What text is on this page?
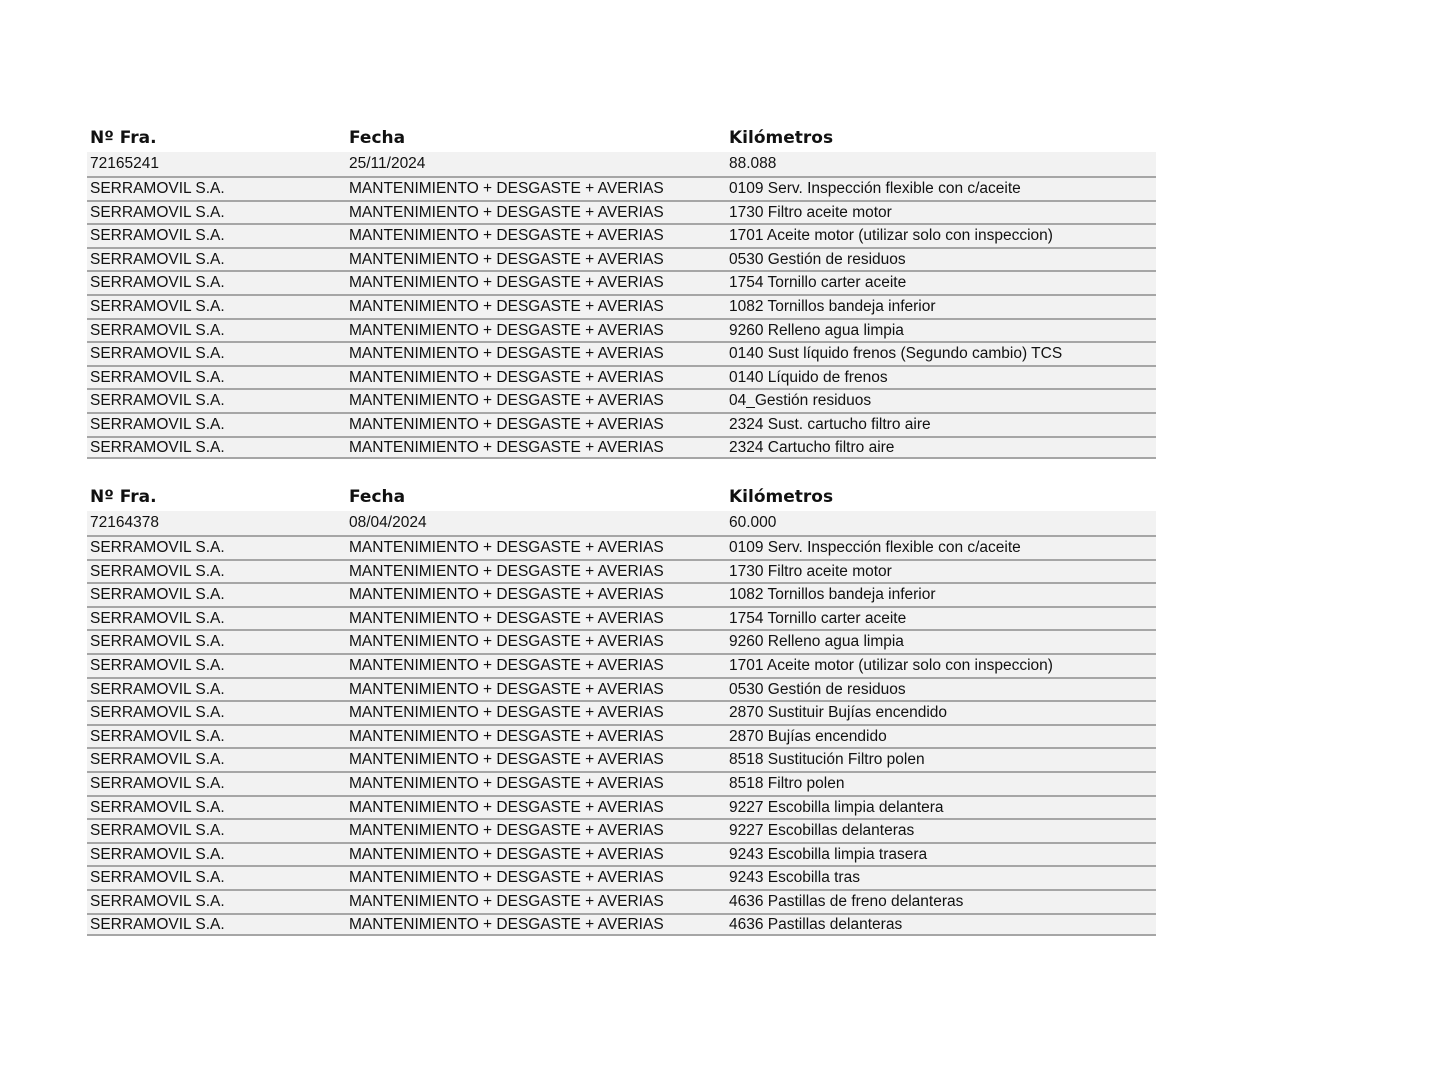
Nº Fra.	Fecha	Kilómetros
72165241	25/11/2024	88.088
SERRAMOVIL S.A.	MANTENIMIENTO + DESGASTE + AVERIAS	0109 Serv. Inspección flexible con c/aceite
SERRAMOVIL S.A.	MANTENIMIENTO + DESGASTE + AVERIAS	1730 Filtro aceite motor
SERRAMOVIL S.A.	MANTENIMIENTO + DESGASTE + AVERIAS	1701 Aceite motor (utilizar solo con inspeccion)
SERRAMOVIL S.A.	MANTENIMIENTO + DESGASTE + AVERIAS	0530 Gestión de residuos
SERRAMOVIL S.A.	MANTENIMIENTO + DESGASTE + AVERIAS	1754 Tornillo carter aceite
SERRAMOVIL S.A.	MANTENIMIENTO + DESGASTE + AVERIAS	1082 Tornillos bandeja inferior
SERRAMOVIL S.A.	MANTENIMIENTO + DESGASTE + AVERIAS	9260 Relleno agua limpia
SERRAMOVIL S.A.	MANTENIMIENTO + DESGASTE + AVERIAS	0140 Sust líquido frenos (Segundo cambio) TCS
SERRAMOVIL S.A.	MANTENIMIENTO + DESGASTE + AVERIAS	0140 Líquido de frenos
SERRAMOVIL S.A.	MANTENIMIENTO + DESGASTE + AVERIAS	04_Gestión residuos
SERRAMOVIL S.A.	MANTENIMIENTO + DESGASTE + AVERIAS	2324 Sust. cartucho filtro aire
SERRAMOVIL S.A.	MANTENIMIENTO + DESGASTE + AVERIAS	2324 Cartucho filtro aire
Nº Fra.	Fecha	Kilómetros
72164378	08/04/2024	60.000
SERRAMOVIL S.A.	MANTENIMIENTO + DESGASTE + AVERIAS	0109 Serv. Inspección flexible con c/aceite
SERRAMOVIL S.A.	MANTENIMIENTO + DESGASTE + AVERIAS	1730 Filtro aceite motor
SERRAMOVIL S.A.	MANTENIMIENTO + DESGASTE + AVERIAS	1082 Tornillos bandeja inferior
SERRAMOVIL S.A.	MANTENIMIENTO + DESGASTE + AVERIAS	1754 Tornillo carter aceite
SERRAMOVIL S.A.	MANTENIMIENTO + DESGASTE + AVERIAS	9260 Relleno agua limpia
SERRAMOVIL S.A.	MANTENIMIENTO + DESGASTE + AVERIAS	1701 Aceite motor (utilizar solo con inspeccion)
SERRAMOVIL S.A.	MANTENIMIENTO + DESGASTE + AVERIAS	0530 Gestión de residuos
SERRAMOVIL S.A.	MANTENIMIENTO + DESGASTE + AVERIAS	2870 Sustituir Bujías encendido
SERRAMOVIL S.A.	MANTENIMIENTO + DESGASTE + AVERIAS	2870 Bujías encendido
SERRAMOVIL S.A.	MANTENIMIENTO + DESGASTE + AVERIAS	8518 Sustitución Filtro polen
SERRAMOVIL S.A.	MANTENIMIENTO + DESGASTE + AVERIAS	8518 Filtro polen
SERRAMOVIL S.A.	MANTENIMIENTO + DESGASTE + AVERIAS	9227 Escobilla limpia delantera
SERRAMOVIL S.A.	MANTENIMIENTO + DESGASTE + AVERIAS	9227 Escobillas delanteras
SERRAMOVIL S.A.	MANTENIMIENTO + DESGASTE + AVERIAS	9243 Escobilla limpia trasera
SERRAMOVIL S.A.	MANTENIMIENTO + DESGASTE + AVERIAS	9243 Escobilla tras
SERRAMOVIL S.A.	MANTENIMIENTO + DESGASTE + AVERIAS	4636 Pastillas de freno delanteras
SERRAMOVIL S.A.	MANTENIMIENTO + DESGASTE + AVERIAS	4636 Pastillas delanteras
